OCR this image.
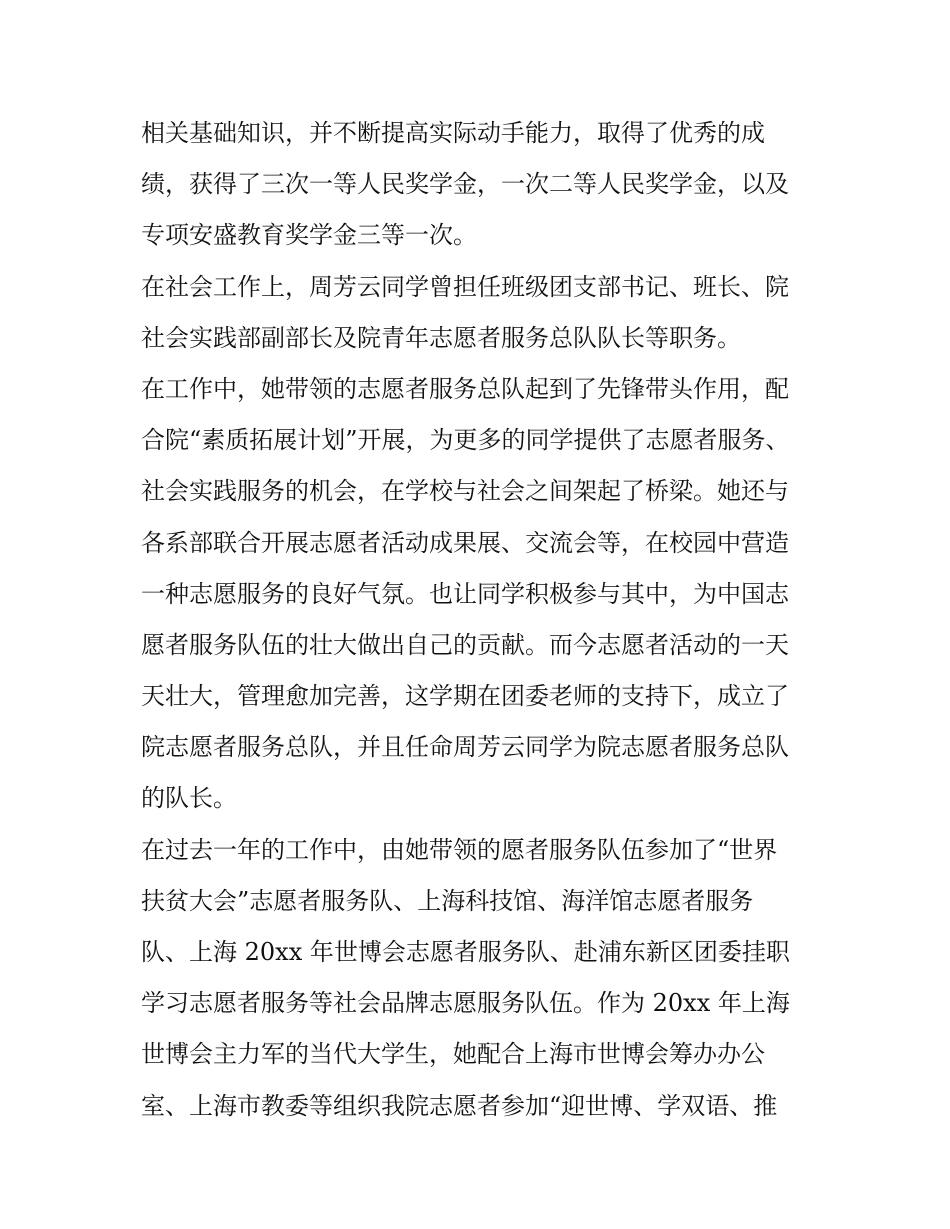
相关基础知识，并不断提高实际动手能力，取得了优秀的成
绩，获得了三次一等人民奖学金，一次二等人民奖学金，以及
专项安盛教育奖学金三等一次。
在社会工作上，周芳云同学曾担任班级团支部书记、班长、院
社会实践部副部长及院青年志愿者服务总队队长等职务。
在工作中，她带领的志愿者服务总队起到了先锋带头作用，配
合院“素质拓展计划”开展，为更多的同学提供了志愿者服务、
社会实践服务的机会，在学校与社会之间架起了桥梁。她还与
各系部联合开展志愿者活动成果展、交流会等，在校园中营造
一种志愿服务的良好气氛。也让同学积极参与其中，为中国志
愿者服务队伍的壮大做出自己的贡献。而今志愿者活动的一天
天壮大，管理愈加完善，这学期在团委老师的支持下，成立了
院志愿者服务总队，并且任命周芳云同学为院志愿者服务总队
的队长。
在过去一年的工作中，由她带领的愿者服务队伍参加了“世界
扶贫大会”志愿者服务队、上海科技馆、海洋馆志愿者服务
队、上海 20xx 年世博会志愿者服务队、赴浦东新区团委挂职
学习志愿者服务等社会品牌志愿服务队伍。作为 20xx 年上海
世博会主力军的当代大学生，她配合上海市世博会筹办办公
室、上海市教委等组织我院志愿者参加“迎世博、学双语、推
